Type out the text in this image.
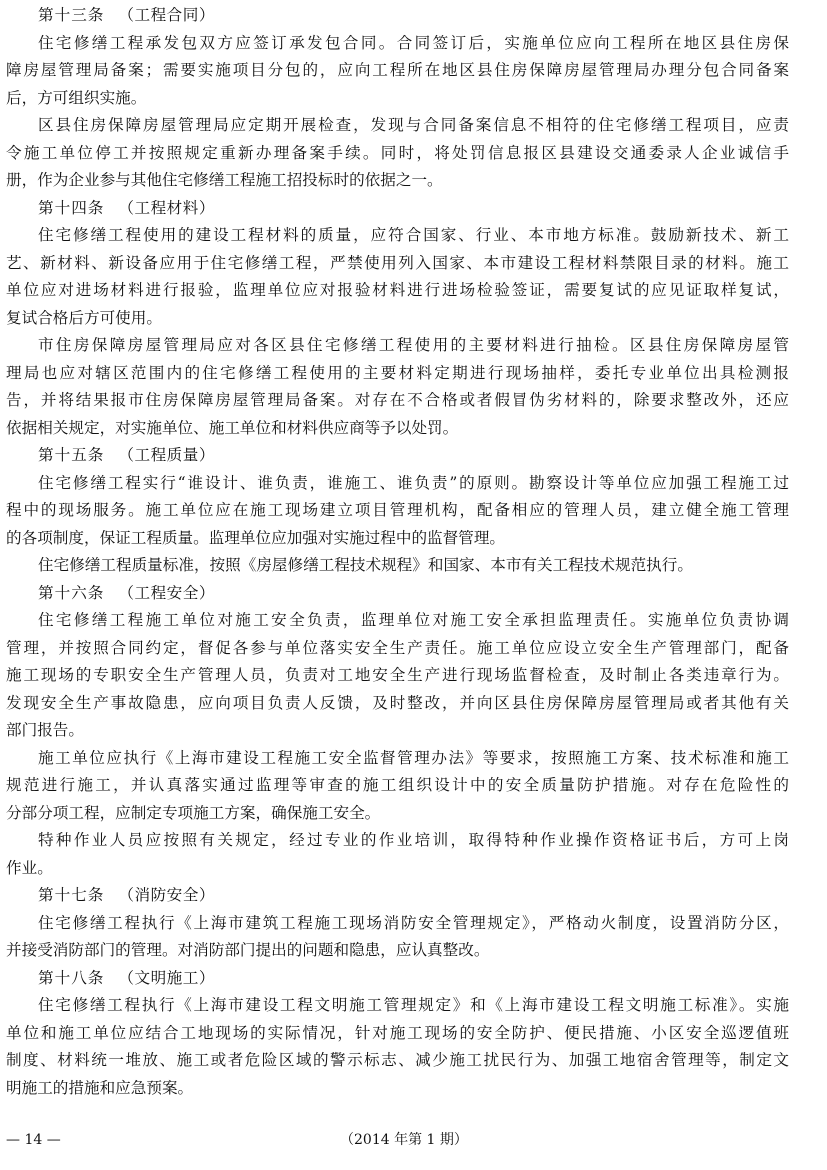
第十三条 （工程合同）
住宅修缮工程承发包双方应签订承发包合同。合同签订后，实施单位应向工程所在地区县住房保
障房屋管理局备案；需要实施项目分包的，应向工程所在地区县住房保障房屋管理局办理分包合同备案
后，方可组织实施。
区县住房保障房屋管理局应定期开展检查，发现与合同备案信息不相符的住宅修缮工程项目，应责
令施工单位停工并按照规定重新办理备案手续。同时，将处罚信息报区县建设交通委录人企业诚信手
册，作为企业参与其他住宅修缮工程施工招投标时的依据之一。
第十四条 （工程材料）
住宅修缮工程使用的建设工程材料的质量，应符合国家、行业、本市地方标准。鼓励新技术、新工
艺、新材料、新设备应用于住宅修缮工程，严禁使用列入国家、本市建设工程材料禁限目录的材料。施工
单位应对进场材料进行报验，监理单位应对报验材料进行进场检验签证，需要复试的应见证取样复试，
复试合格后方可使用。
市住房保障房屋管理局应对各区县住宅修缮工程使用的主要材料进行抽检。区县住房保障房屋管
理局也应对辖区范围内的住宅修缮工程使用的主要材料定期进行现场抽样，委托专业单位出具检测报
告，并将结果报市住房保障房屋管理局备案。对存在不合格或者假冒伪劣材料的，除要求整改外，还应
依据相关规定，对实施单位、施工单位和材料供应商等予以处罚。
第十五条 （工程质量）
住宅修缮工程实行“谁设计、谁负责，谁施工、谁负责”的原则。勘察设计等单位应加强工程施工过
程中的现场服务。施工单位应在施工现场建立项目管理机构，配备相应的管理人员，建立健全施工管理
的各项制度，保证工程质量。监理单位应加强对实施过程中的监督管理。
住宅修缮工程质量标准，按照《房屋修缮工程技术规程》和国家、本市有关工程技术规范执行。
第十六条 （工程安全）
住宅修缮工程施工单位对施工安全负责，监理单位对施工安全承担监理责任。实施单位负责协调
管理，并按照合同约定，督促各参与单位落实安全生产责任。施工单位应设立安全生产管理部门，配备
施工现场的专职安全生产管理人员，负责对工地安全生产进行现场监督检查，及时制止各类违章行为。
发现安全生产事故隐患，应向项目负责人反馈，及时整改，并向区县住房保障房屋管理局或者其他有关
部门报告。
施工单位应执行《上海市建设工程施工安全监督管理办法》等要求，按照施工方案、技术标准和施工
规范进行施工，并认真落实通过监理等审查的施工组织设计中的安全质量防护措施。对存在危险性的
分部分项工程，应制定专项施工方案，确保施工安全。
特种作业人员应按照有关规定，经过专业的作业培训，取得特种作业操作资格证书后，方可上岗
作业。
第十七条 （消防安全）
住宅修缮工程执行《上海市建筑工程施工现场消防安全管理规定》，严格动火制度，设置消防分区，
并接受消防部门的管理。对消防部门提出的问题和隐患，应认真整改。
第十八条 （文明施工）
住宅修缮工程执行《上海市建设工程文明施工管理规定》和《上海市建设工程文明施工标准》。实施
单位和施工单位应结合工地现场的实际情况，针对施工现场的安全防护、便民措施、小区安全巡逻值班
制度、材料统一堆放、施工或者危险区域的警示标志、减少施工扰民行为、加强工地宿舍管理等，制定文
明施工的措施和应急预案。
— 14 —	（2014 年第 1 期）
